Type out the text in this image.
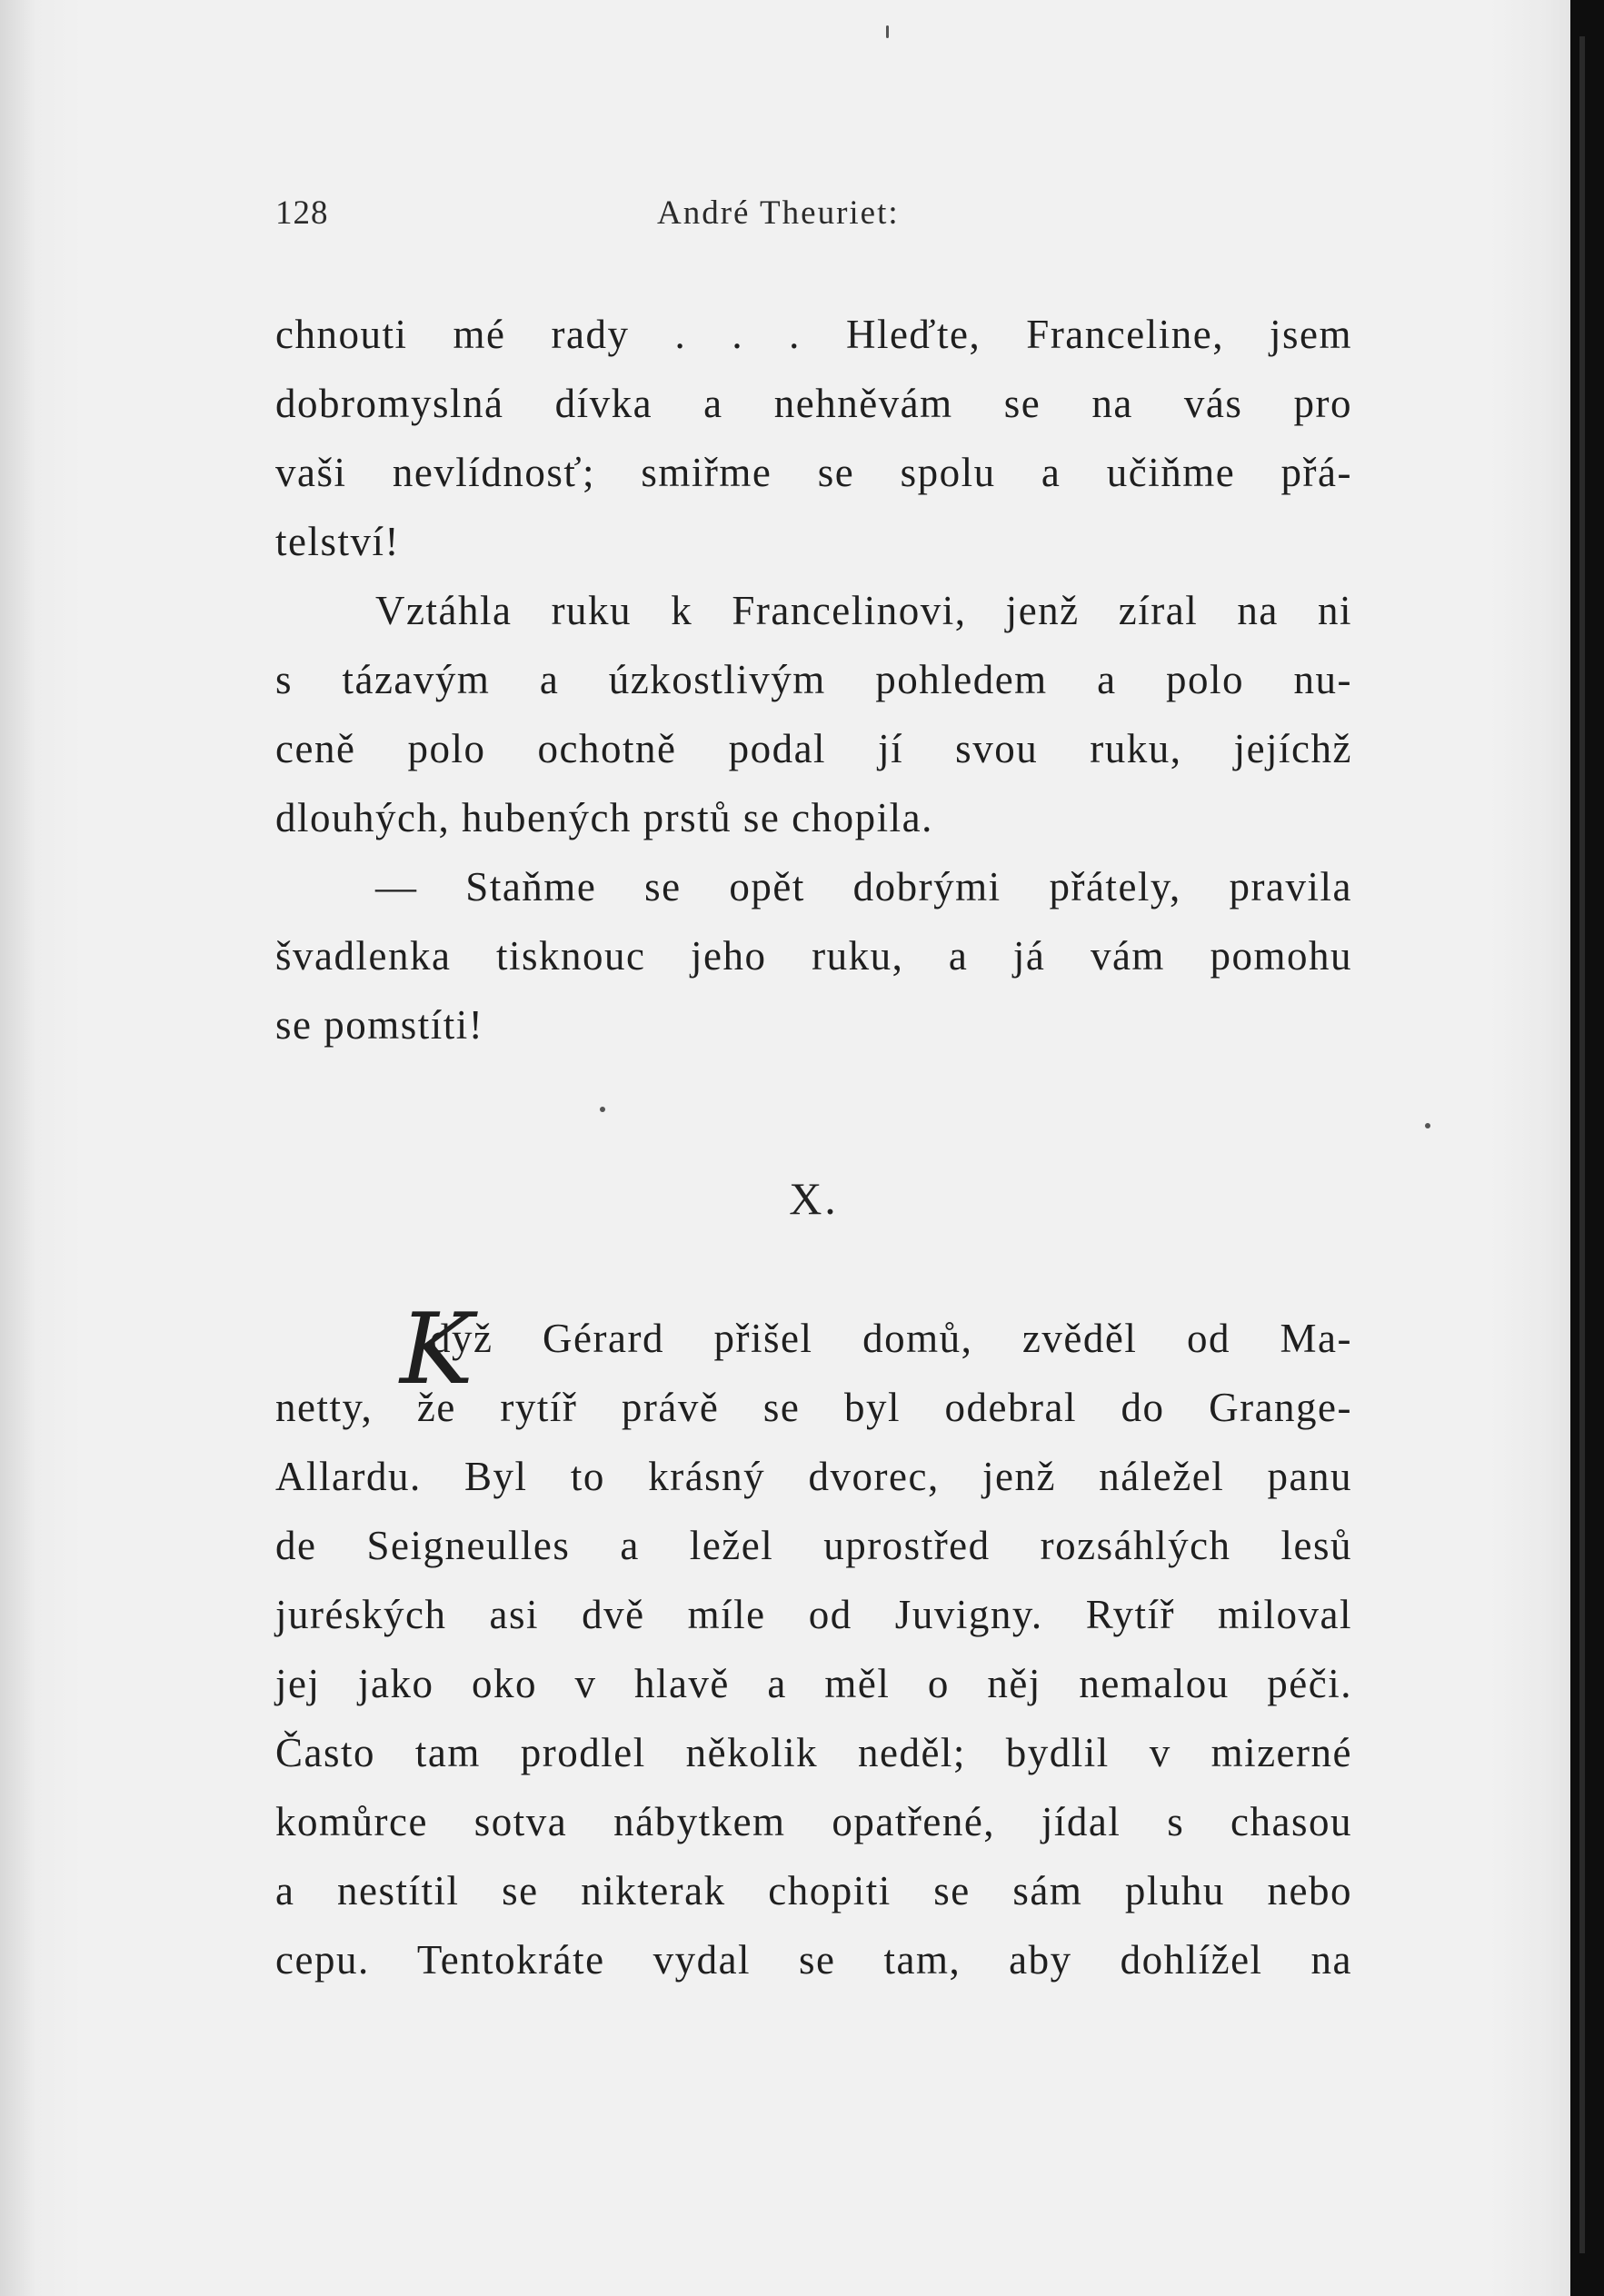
128	André Theuriet:
chnouti mé rady . . . Hleďte, Franceline, jsem
dobromyslná dívka a nehněvám se na vás pro
vaši nevlídnosť; smiřme se spolu a učiňme přá-
telství!
Vztáhla ruku k Francelinovi, jenž zíral na ni
s tázavým a úzkostlivým pohledem a polo nu-
ceně polo ochotně podal jí svou ruku, jejíchž
dlouhých, hubených prstů se chopila.
— Staňme se opět dobrými přátely, pravila
švadlenka tisknouc jeho ruku, a já vám pomohu
se pomstíti!
X.
K
dyž Gérard přišel domů, zvěděl od Ma-
netty, že rytíř právě se byl odebral do Grange-
Allardu. Byl to krásný dvorec, jenž náležel panu
de Seigneulles a ležel uprostřed rozsáhlých lesů
juréských asi dvě míle od Juvigny. Rytíř miloval
jej jako oko v hlavě a měl o něj nemalou péči.
Často tam prodlel několik neděl; bydlil v mizerné
komůrce sotva nábytkem opatřené, jídal s chasou
a nestítil se nikterak chopiti se sám pluhu nebo
cepu. Tentokráte vydal se tam, aby dohlížel na
